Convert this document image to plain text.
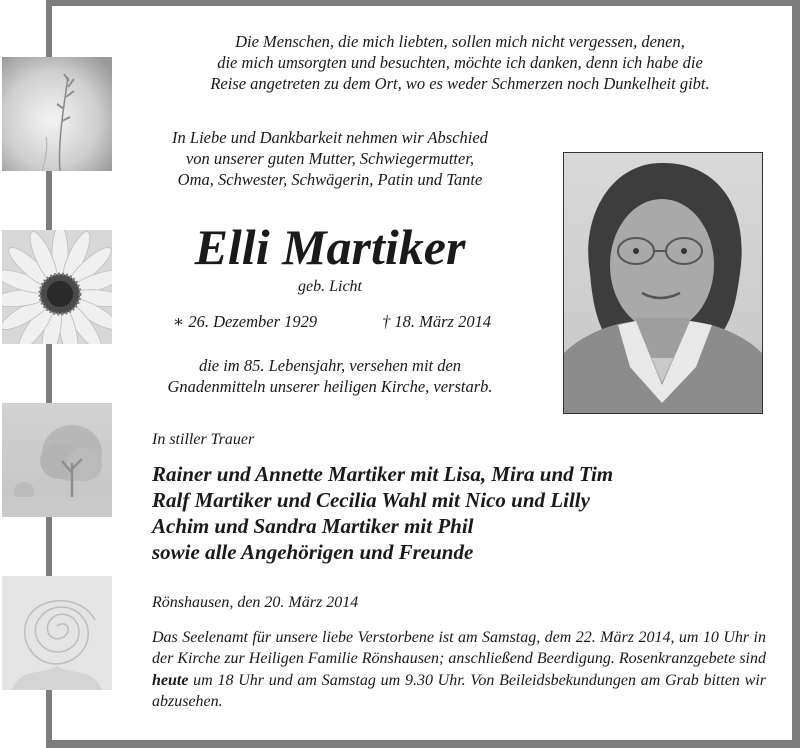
Die Menschen, die mich liebten, sollen mich nicht vergessen, denen,
die mich umsorgten und besuchten, möchte ich danken, denn ich habe die
Reise angetreten zu dem Ort, wo es weder Schmerzen noch Dunkelheit gibt.
In Liebe und Dankbarkeit nehmen wir Abschied
von unserer guten Mutter, Schwiegermutter,
Oma, Schwester, Schwägerin, Patin und Tante
Elli Martiker
geb. Licht
∗ 26. Dezember 1929	† 18. März 2014
die im 85. Lebensjahr, versehen mit den
Gnadenmitteln unserer heiligen Kirche, verstarb.
In stiller Trauer
Rainer und Annette Martiker mit Lisa, Mira und Tim
Ralf Martiker und Cecilia Wahl mit Nico und Lilly
Achim und Sandra Martiker mit Phil
sowie alle Angehörigen und Freunde
Rönshausen, den 20. März 2014
Das Seelenamt für unsere liebe Verstorbene ist am Samstag, dem 22. März 2014, um 10 Uhr in der Kirche zur Heiligen Familie Rönshausen; anschließend Beerdigung. Rosenkranzgebete sind heute um 18 Uhr und am Samstag um 9.30 Uhr. Von Beileidsbekundungen am Grab bitten wir abzusehen.
